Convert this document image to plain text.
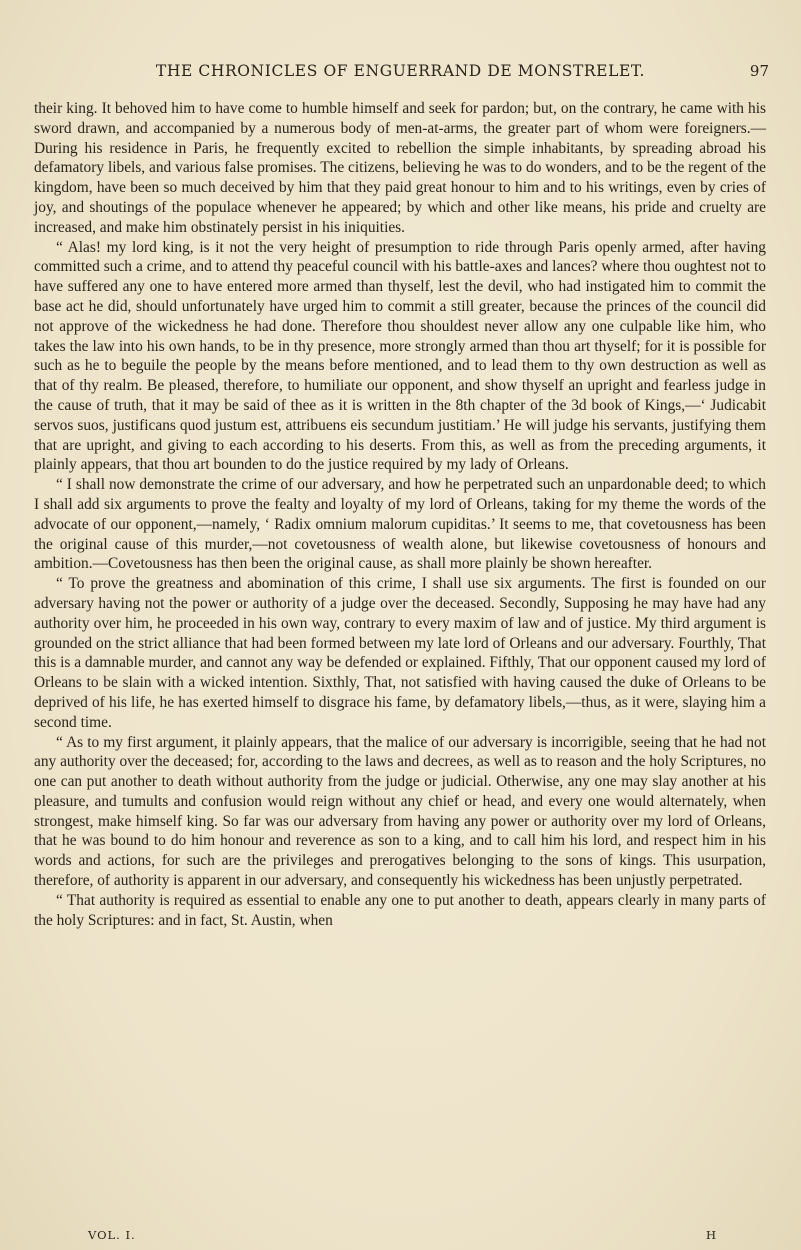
THE CHRONICLES OF ENGUERRAND DE MONSTRELET.	97

their king. It behoved him to have come to humble himself and seek for pardon; but, on the contrary, he came with his sword drawn, and accompanied by a numerous body of men-at-arms, the greater part of whom were foreigners.—During his residence in Paris, he frequently excited to rebellion the simple inhabitants, by spreading abroad his defamatory libels, and various false promises. The citizens, believing he was to do wonders, and to be the regent of the kingdom, have been so much deceived by him that they paid great honour to him and to his writings, even by cries of joy, and shoutings of the populace whenever he appeared; by which and other like means, his pride and cruelty are increased, and make him obstinately persist in his iniquities.

“ Alas! my lord king, is it not the very height of presumption to ride through Paris openly armed, after having committed such a crime, and to attend thy peaceful council with his battle-axes and lances? where thou oughtest not to have suffered any one to have entered more armed than thyself, lest the devil, who had instigated him to commit the base act he did, should unfortunately have urged him to commit a still greater, because the princes of the council did not approve of the wickedness he had done. Therefore thou shouldest never allow any one culpable like him, who takes the law into his own hands, to be in thy presence, more strongly armed than thou art thyself; for it is possible for such as he to beguile the people by the means before mentioned, and to lead them to thy own destruction as well as that of thy realm. Be pleased, therefore, to humiliate our opponent, and show thyself an upright and fearless judge in the cause of truth, that it may be said of thee as it is written in the 8th chapter of the 3d book of Kings,—‘ Judicabit servos suos, justificans quod justum est, attribuens eis secundum justitiam.’ He will judge his servants, justifying them that are upright, and giving to each according to his deserts. From this, as well as from the preceding arguments, it plainly appears, that thou art bounden to do the justice required by my lady of Orleans.

“ I shall now demonstrate the crime of our adversary, and how he perpetrated such an unpardonable deed; to which I shall add six arguments to prove the fealty and loyalty of my lord of Orleans, taking for my theme the words of the advocate of our opponent,—namely, ‘ Radix omnium malorum cupiditas.’ It seems to me, that covetousness has been the original cause of this murder,—not covetousness of wealth alone, but likewise covetousness of honours and ambition.—Covetousness has then been the original cause, as shall more plainly be shown hereafter.

“ To prove the greatness and abomination of this crime, I shall use six arguments. The first is founded on our adversary having not the power or authority of a judge over the deceased. Secondly, Supposing he may have had any authority over him, he proceeded in his own way, contrary to every maxim of law and of justice. My third argument is grounded on the strict alliance that had been formed between my late lord of Orleans and our adversary. Fourthly, That this is a damnable murder, and cannot any way be defended or explained. Fifthly, That our opponent caused my lord of Orleans to be slain with a wicked intention. Sixthly, That, not satisfied with having caused the duke of Orleans to be deprived of his life, he has exerted himself to disgrace his fame, by defamatory libels,—thus, as it were, slaying him a second time.

“ As to my first argument, it plainly appears, that the malice of our adversary is incorrigible, seeing that he had not any authority over the deceased; for, according to the laws and decrees, as well as to reason and the holy Scriptures, no one can put another to death without authority from the judge or judicial. Otherwise, any one may slay another at his pleasure, and tumults and confusion would reign without any chief or head, and every one would alternately, when strongest, make himself king. So far was our adversary from having any power or authority over my lord of Orleans, that he was bound to do him honour and reverence as son to a king, and to call him his lord, and respect him in his words and actions, for such are the privileges and prerogatives belonging to the sons of kings. This usurpation, therefore, of authority is apparent in our adversary, and consequently his wickedness has been unjustly perpetrated.

“ That authority is required as essential to enable any one to put another to death, appears clearly in many parts of the holy Scriptures: and in fact, St. Austin, when

VOL. I.	H
